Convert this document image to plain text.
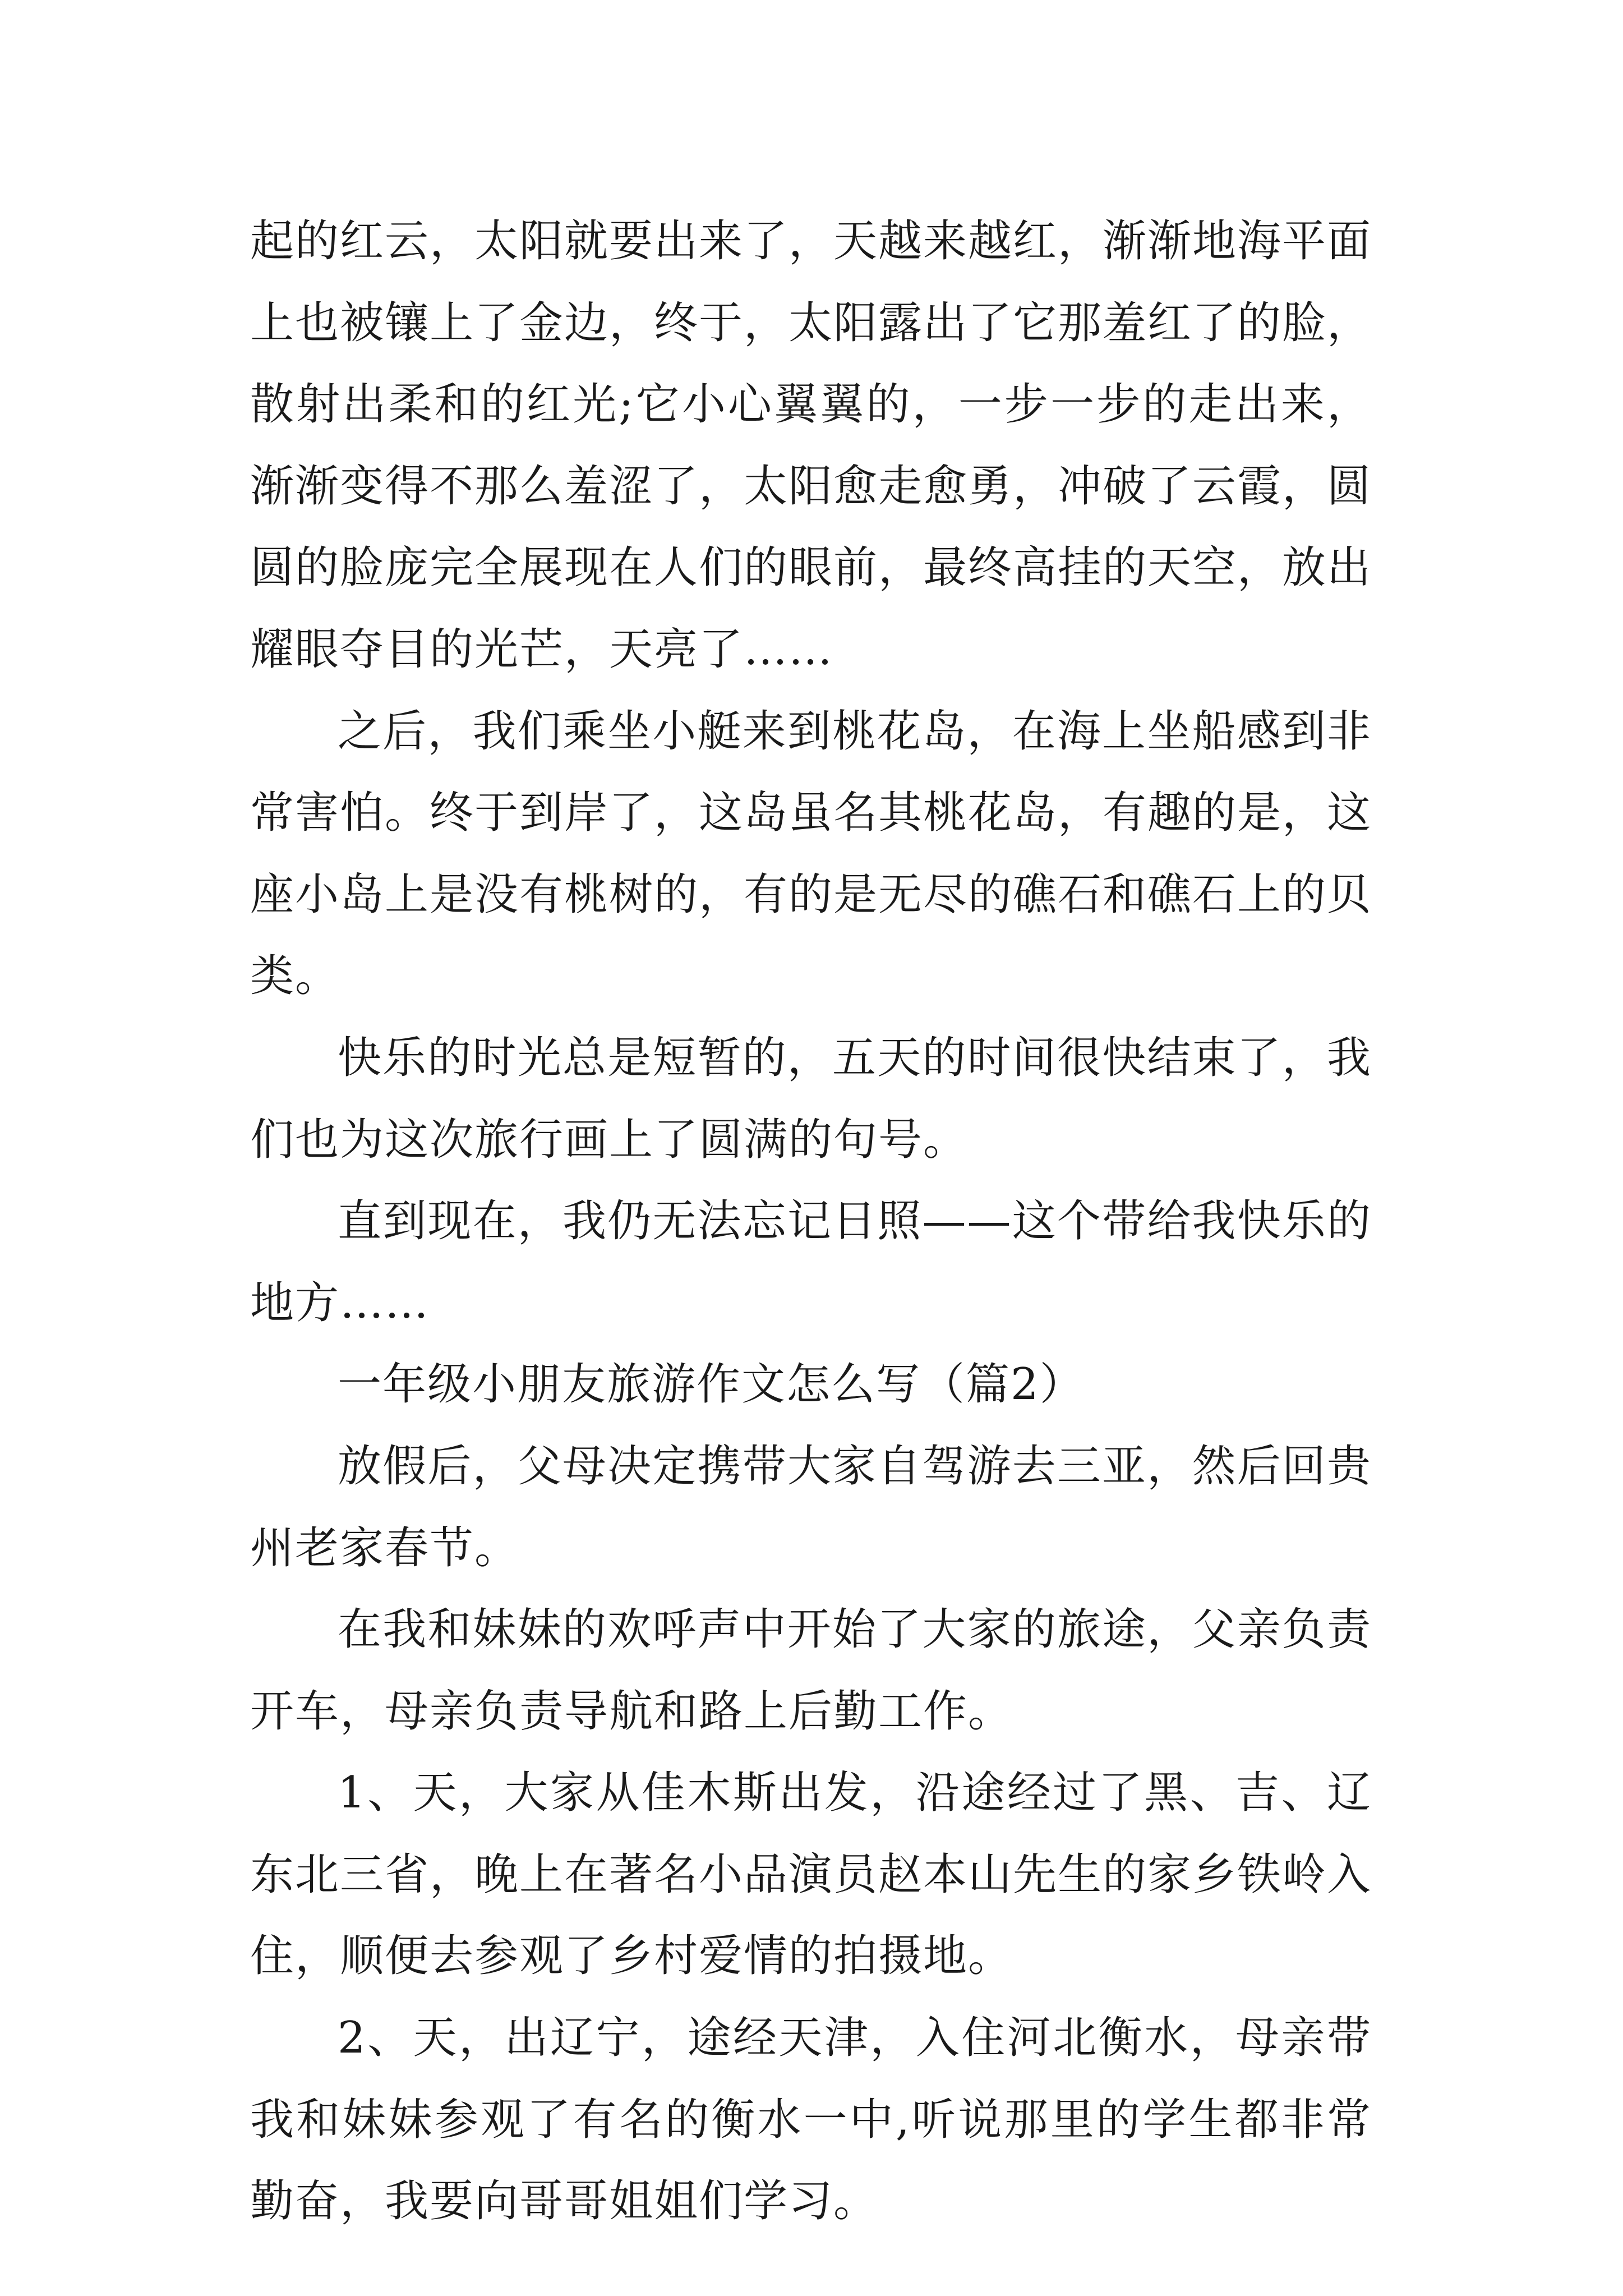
起的红云，太阳就要出来了，天越来越红，渐渐地海平面上也被镶上了金边，终于，太阳露出了它那羞红了的脸，散射出柔和的红光;它小心翼翼的，一步一步的走出来，渐渐变得不那么羞涩了，太阳愈走愈勇，冲破了云霞，圆圆的脸庞完全展现在人们的眼前，最终高挂的天空，放出耀眼夺目的光芒，天亮了……

之后，我们乘坐小艇来到桃花岛，在海上坐船感到非常害怕。终于到岸了，这岛虽名其桃花岛，有趣的是，这座小岛上是没有桃树的，有的是无尽的礁石和礁石上的贝类。

快乐的时光总是短暂的，五天的时间很快结束了，我们也为这次旅行画上了圆满的句号。

直到现在，我仍无法忘记日照——这个带给我快乐的地方……

一年级小朋友旅游作文怎么写（篇2）

放假后，父母决定携带大家自驾游去三亚，然后回贵州老家春节。

在我和妹妹的欢呼声中开始了大家的旅途，父亲负责开车，母亲负责导航和路上后勤工作。

1、天，大家从佳木斯出发，沿途经过了黑、吉、辽东北三省，晚上在著名小品演员赵本山先生的家乡铁岭入住，顺便去参观了乡村爱情的拍摄地。

2、天，出辽宁，途经天津，入住河北衡水，母亲带我和妹妹参观了有名的衡水一中,听说那里的学生都非常勤奋，我要向哥哥姐姐们学习。
